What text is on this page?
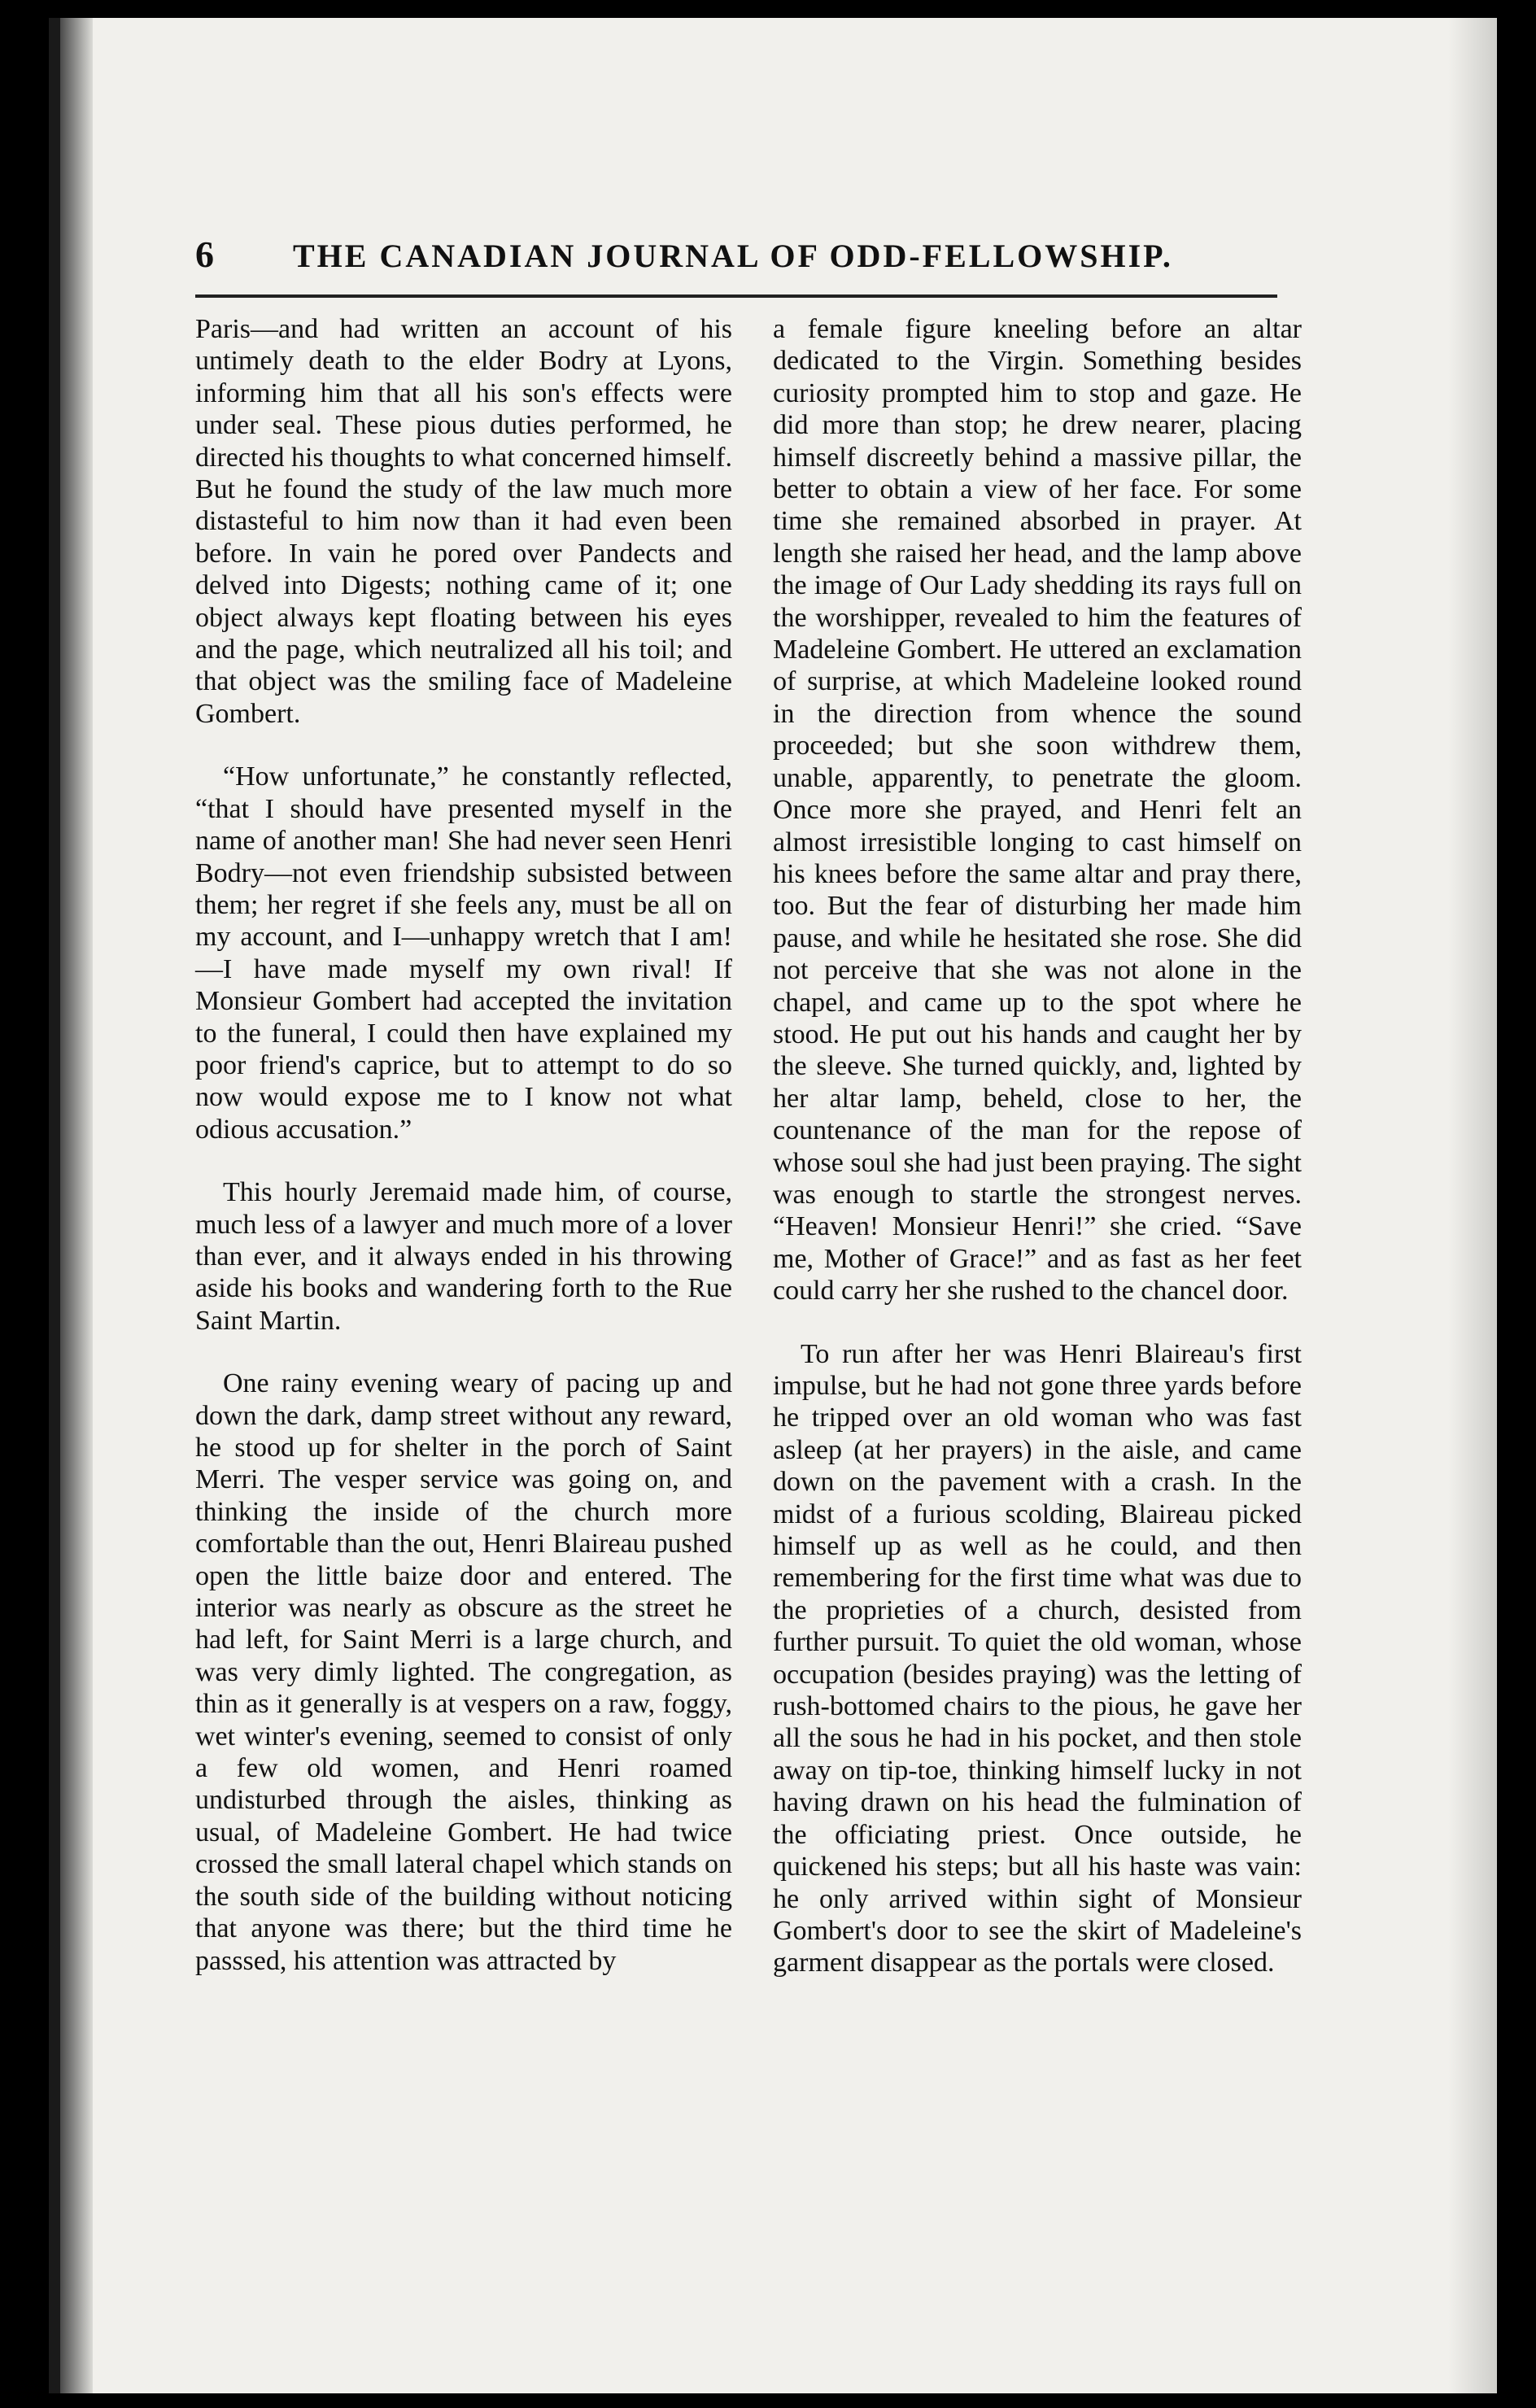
6	THE CANADIAN JOURNAL OF ODD-FELLOWSHIP.

Paris—and had written an account of his untimely death to the elder Bodry at Lyons, informing him that all his son's effects were under seal. These pious duties performed, he directed his thoughts to what concerned himself. But he found the study of the law much more distasteful to him now than it had even been before. In vain he pored over Pandects and delved into Digests; nothing came of it; one object always kept floating between his eyes and the page, which neutralized all his toil; and that object was the smiling face of Madeleine Gombert.

“How unfortunate,” he constantly reflected, “that I should have presented myself in the name of another man! She had never seen Henri Bodry—not even friendship subsisted between them; her regret if she feels any, must be all on my account, and I—unhappy wretch that I am!—I have made myself my own rival! If Monsieur Gombert had accepted the invitation to the funeral, I could then have explained my poor friend's caprice, but to attempt to do so now would expose me to I know not what odious accusation.”

This hourly Jeremaid made him, of course, much less of a lawyer and much more of a lover than ever, and it always ended in his throwing aside his books and wandering forth to the Rue Saint Martin.

One rainy evening weary of pacing up and down the dark, damp street without any reward, he stood up for shelter in the porch of Saint Merri. The vesper service was going on, and thinking the inside of the church more comfortable than the out, Henri Blaireau pushed open the little baize door and entered. The interior was nearly as obscure as the street he had left, for Saint Merri is a large church, and was very dimly lighted. The congregation, as thin as it generally is at vespers on a raw, foggy, wet winter's evening, seemed to consist of only a few old women, and Henri roamed undisturbed through the aisles, thinking as usual, of Madeleine Gombert. He had twice crossed the small lateral chapel which stands on the south side of the building without noticing that anyone was there; but the third time he passsed, his attention was attracted by

a female figure kneeling before an altar dedicated to the Virgin. Something besides curiosity prompted him to stop and gaze. He did more than stop; he drew nearer, placing himself discreetly behind a massive pillar, the better to obtain a view of her face. For some time she remained absorbed in prayer. At length she raised her head, and the lamp above the image of Our Lady shedding its rays full on the worshipper, revealed to him the features of Madeleine Gombert. He uttered an exclamation of surprise, at which Madeleine looked round in the direction from whence the sound proceeded; but she soon withdrew them, unable, apparently, to penetrate the gloom. Once more she prayed, and Henri felt an almost irresistible longing to cast himself on his knees before the same altar and pray there, too. But the fear of disturbing her made him pause, and while he hesitated she rose. She did not perceive that she was not alone in the chapel, and came up to the spot where he stood. He put out his hands and caught her by the sleeve. She turned quickly, and, lighted by her altar lamp, beheld, close to her, the countenance of the man for the repose of whose soul she had just been praying. The sight was enough to startle the strongest nerves. “Heaven! Monsieur Henri!” she cried. “Save me, Mother of Grace!” and as fast as her feet could carry her she rushed to the chancel door.

To run after her was Henri Blaireau's first impulse, but he had not gone three yards before he tripped over an old woman who was fast asleep (at her prayers) in the aisle, and came down on the pavement with a crash. In the midst of a furious scolding, Blaireau picked himself up as well as he could, and then remembering for the first time what was due to the proprieties of a church, desisted from further pursuit. To quiet the old woman, whose occupation (besides praying) was the letting of rush-bottomed chairs to the pious, he gave her all the sous he had in his pocket, and then stole away on tip-toe, thinking himself lucky in not having drawn on his head the fulmination of the officiating priest. Once outside, he quickened his steps; but all his haste was vain: he only arrived within sight of Monsieur Gombert's door to see the skirt of Madeleine's garment disappear as the portals were closed.
